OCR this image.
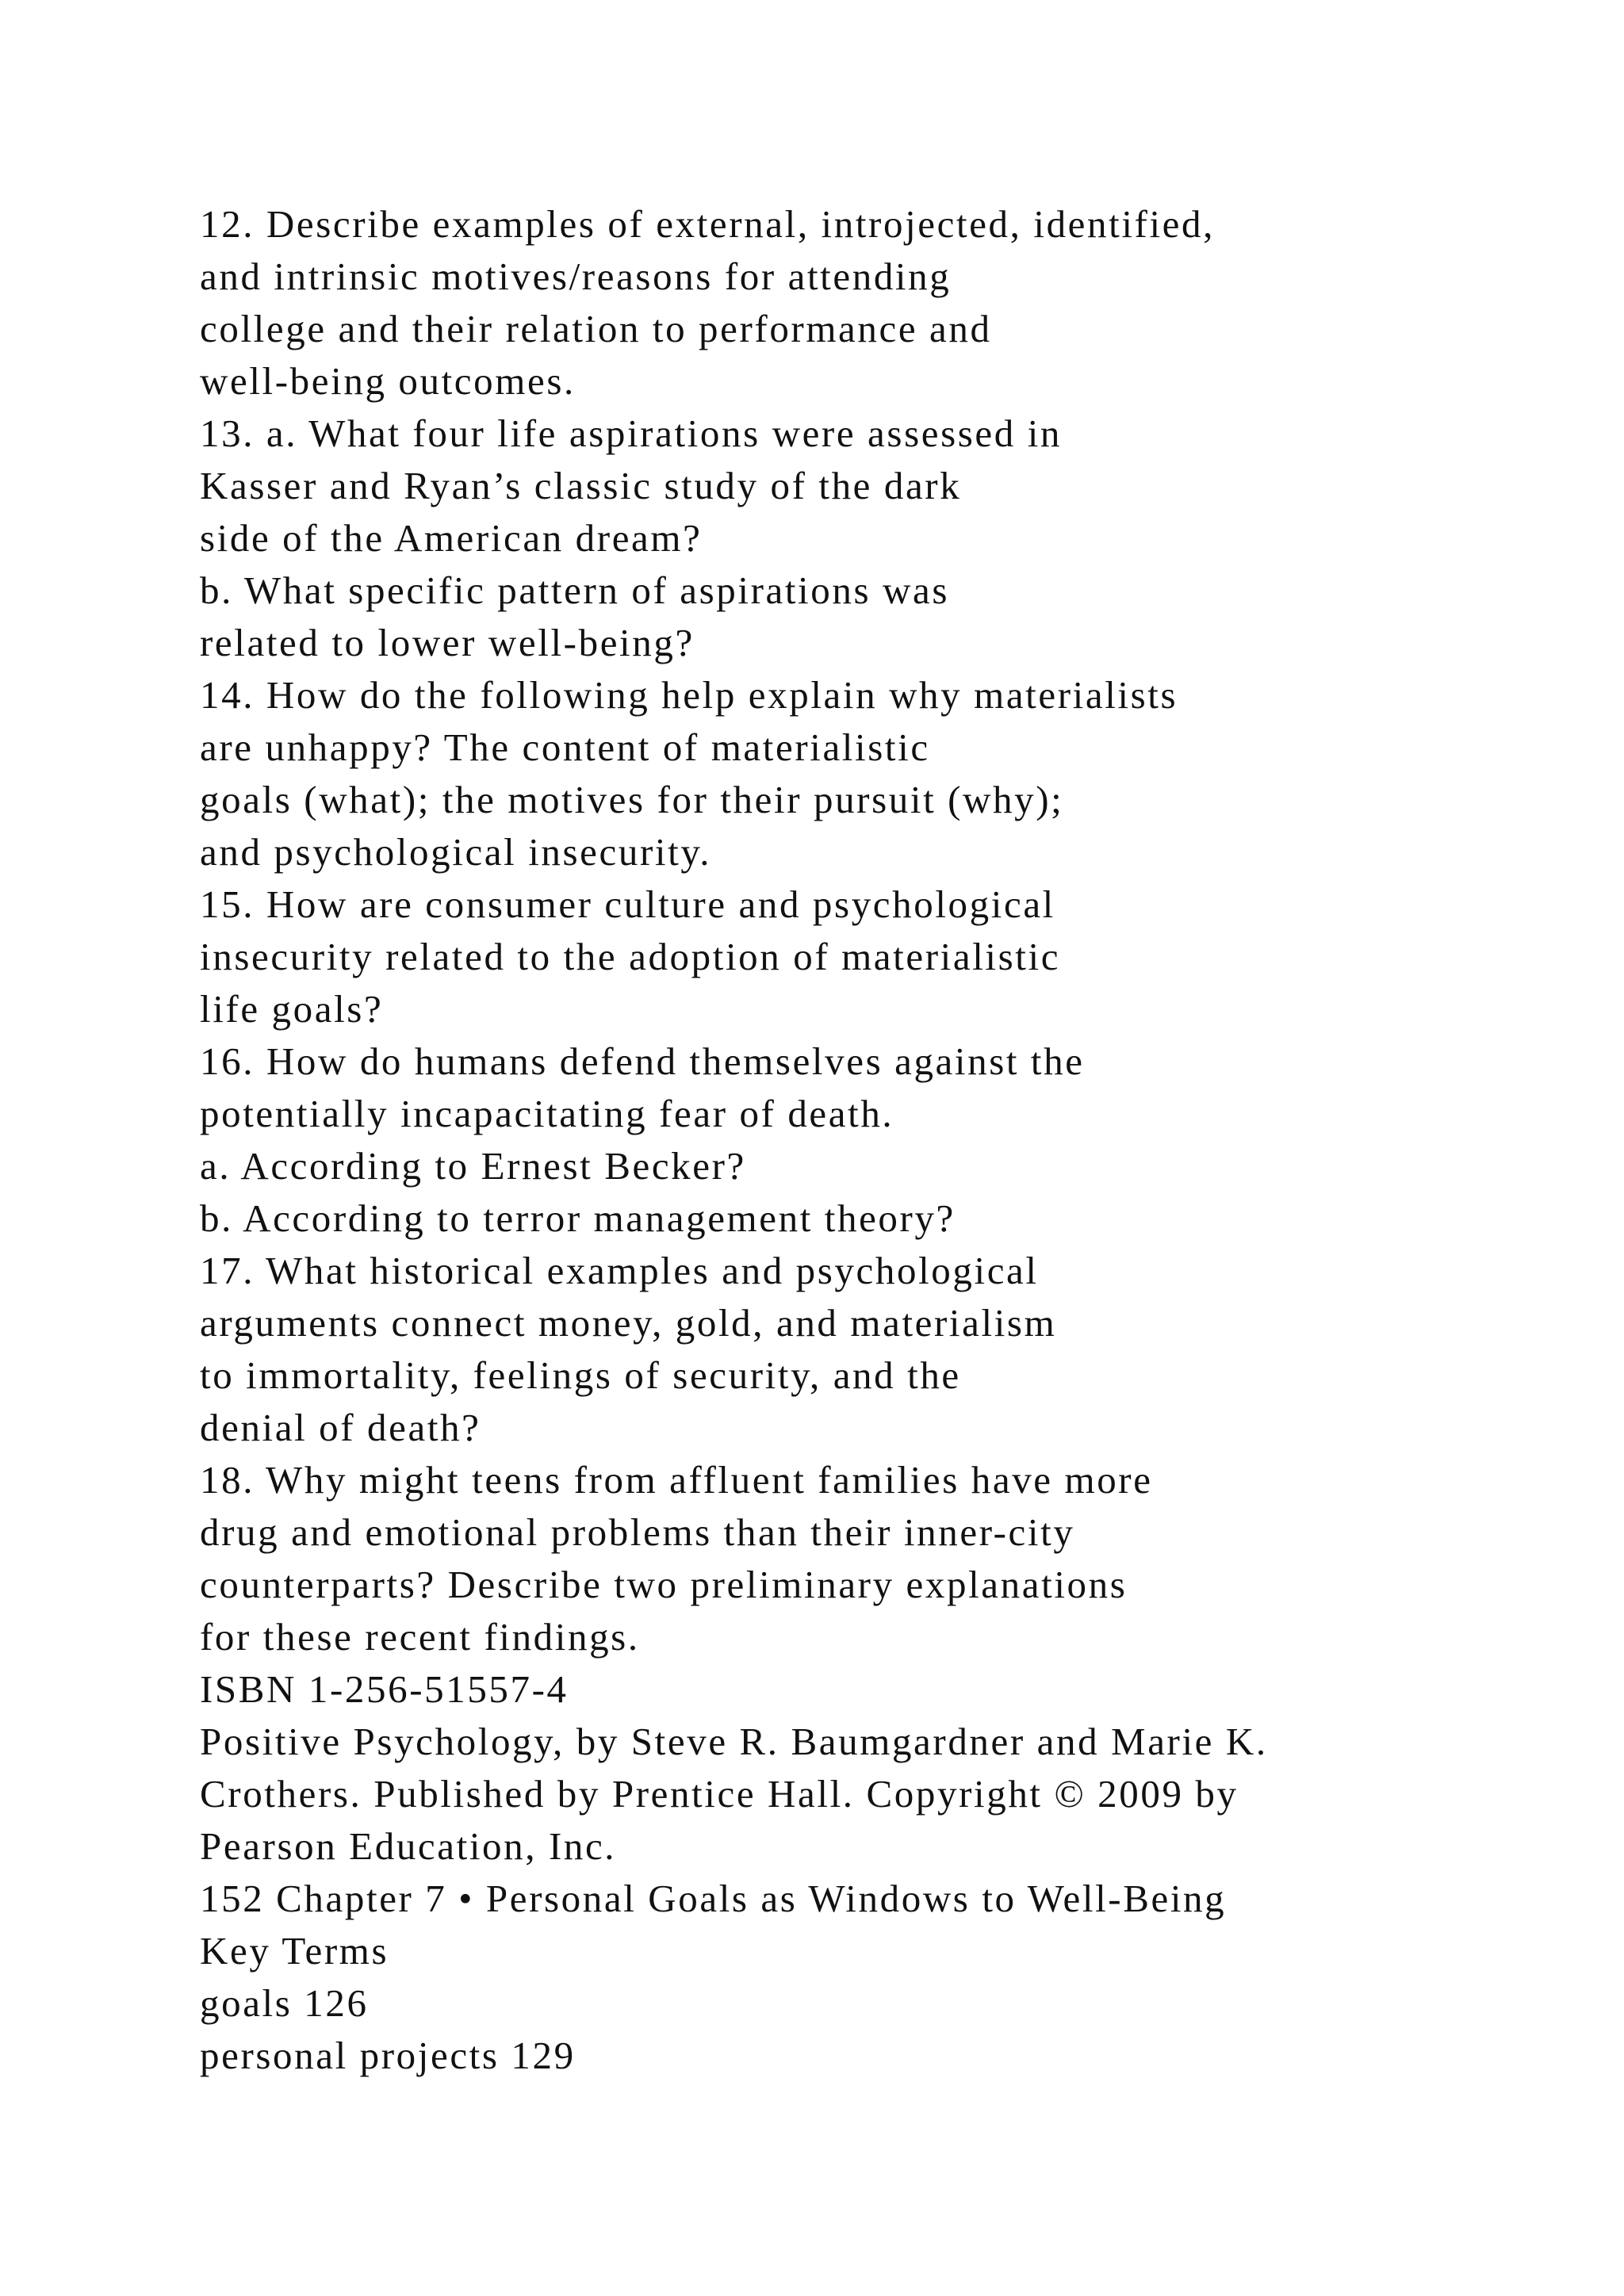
12. Describe examples of external, introjected, identified,
and intrinsic motives/reasons for attending
college and their relation to performance and
well-being outcomes.
13. a. What four life aspirations were assessed in
Kasser and Ryan’s classic study of the dark
side of the American dream?
b. What specific pattern of aspirations was
related to lower well-being?
14. How do the following help explain why materialists
are unhappy? The content of materialistic
goals (what); the motives for their pursuit (why);
and psychological insecurity.
15. How are consumer culture and psychological
insecurity related to the adoption of materialistic
life goals?
16. How do humans defend themselves against the
potentially incapacitating fear of death.
a. According to Ernest Becker?
b. According to terror management theory?
17. What historical examples and psychological
arguments connect money, gold, and materialism
to immortality, feelings of security, and the
denial of death?
18. Why might teens from affluent families have more
drug and emotional problems than their inner-city
counterparts? Describe two preliminary explanations
for these recent findings.
ISBN 1-256-51557-4
Positive Psychology, by Steve R. Baumgardner and Marie K.
Crothers. Published by Prentice Hall. Copyright © 2009 by
Pearson Education, Inc.
152 Chapter 7 • Personal Goals as Windows to Well-Being
Key Terms
goals 126
personal projects 129
